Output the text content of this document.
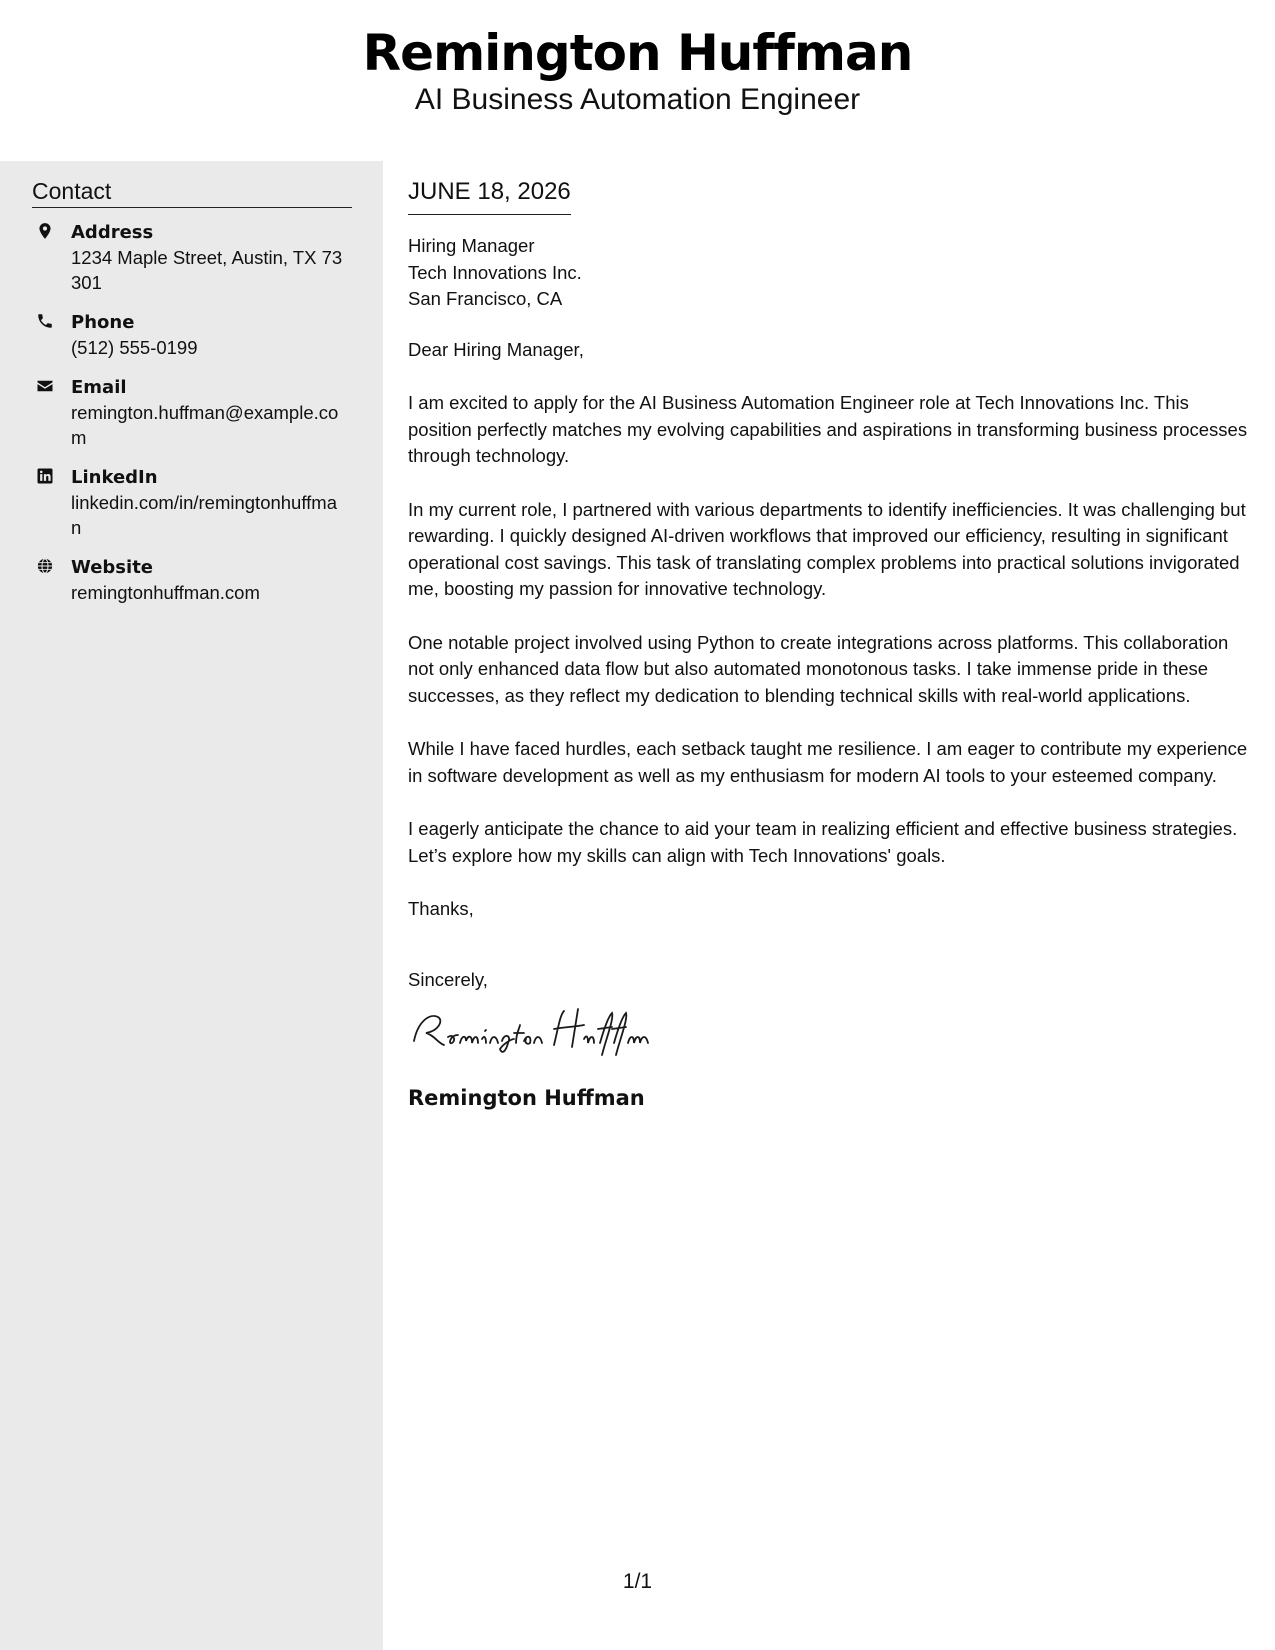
Remington Huffman
AI Business Automation Engineer
Contact
Address
1234 Maple Street, Austin, TX 73301
Phone
(512) 555-0199
Email
remington.huffman@example.com
LinkedIn
linkedin.com/in/remingtonhuffman
Website
remingtonhuffman.com
JUNE 18, 2026
Hiring Manager
Tech Innovations Inc.
San Francisco, CA

Dear Hiring Manager,

I am excited to apply for the AI Business Automation Engineer role at Tech Innovations Inc. This position perfectly matches my evolving capabilities and aspirations in transforming business processes through technology.

In my current role, I partnered with various departments to identify inefficiencies. It was challenging but rewarding. I quickly designed AI-driven workflows that improved our efficiency, resulting in significant operational cost savings. This task of translating complex problems into practical solutions invigorated me, boosting my passion for innovative technology.

One notable project involved using Python to create integrations across platforms. This collaboration not only enhanced data flow but also automated monotonous tasks. I take immense pride in these successes, as they reflect my dedication to blending technical skills with real-world applications.

While I have faced hurdles, each setback taught me resilience. I am eager to contribute my experience in software development as well as my enthusiasm for modern AI tools to your esteemed company.

I eagerly anticipate the chance to aid your team in realizing efficient and effective business strategies. Let’s explore how my skills can align with Tech Innovations' goals.

Thanks,

Sincerely,

Remington Huffman
1/1
